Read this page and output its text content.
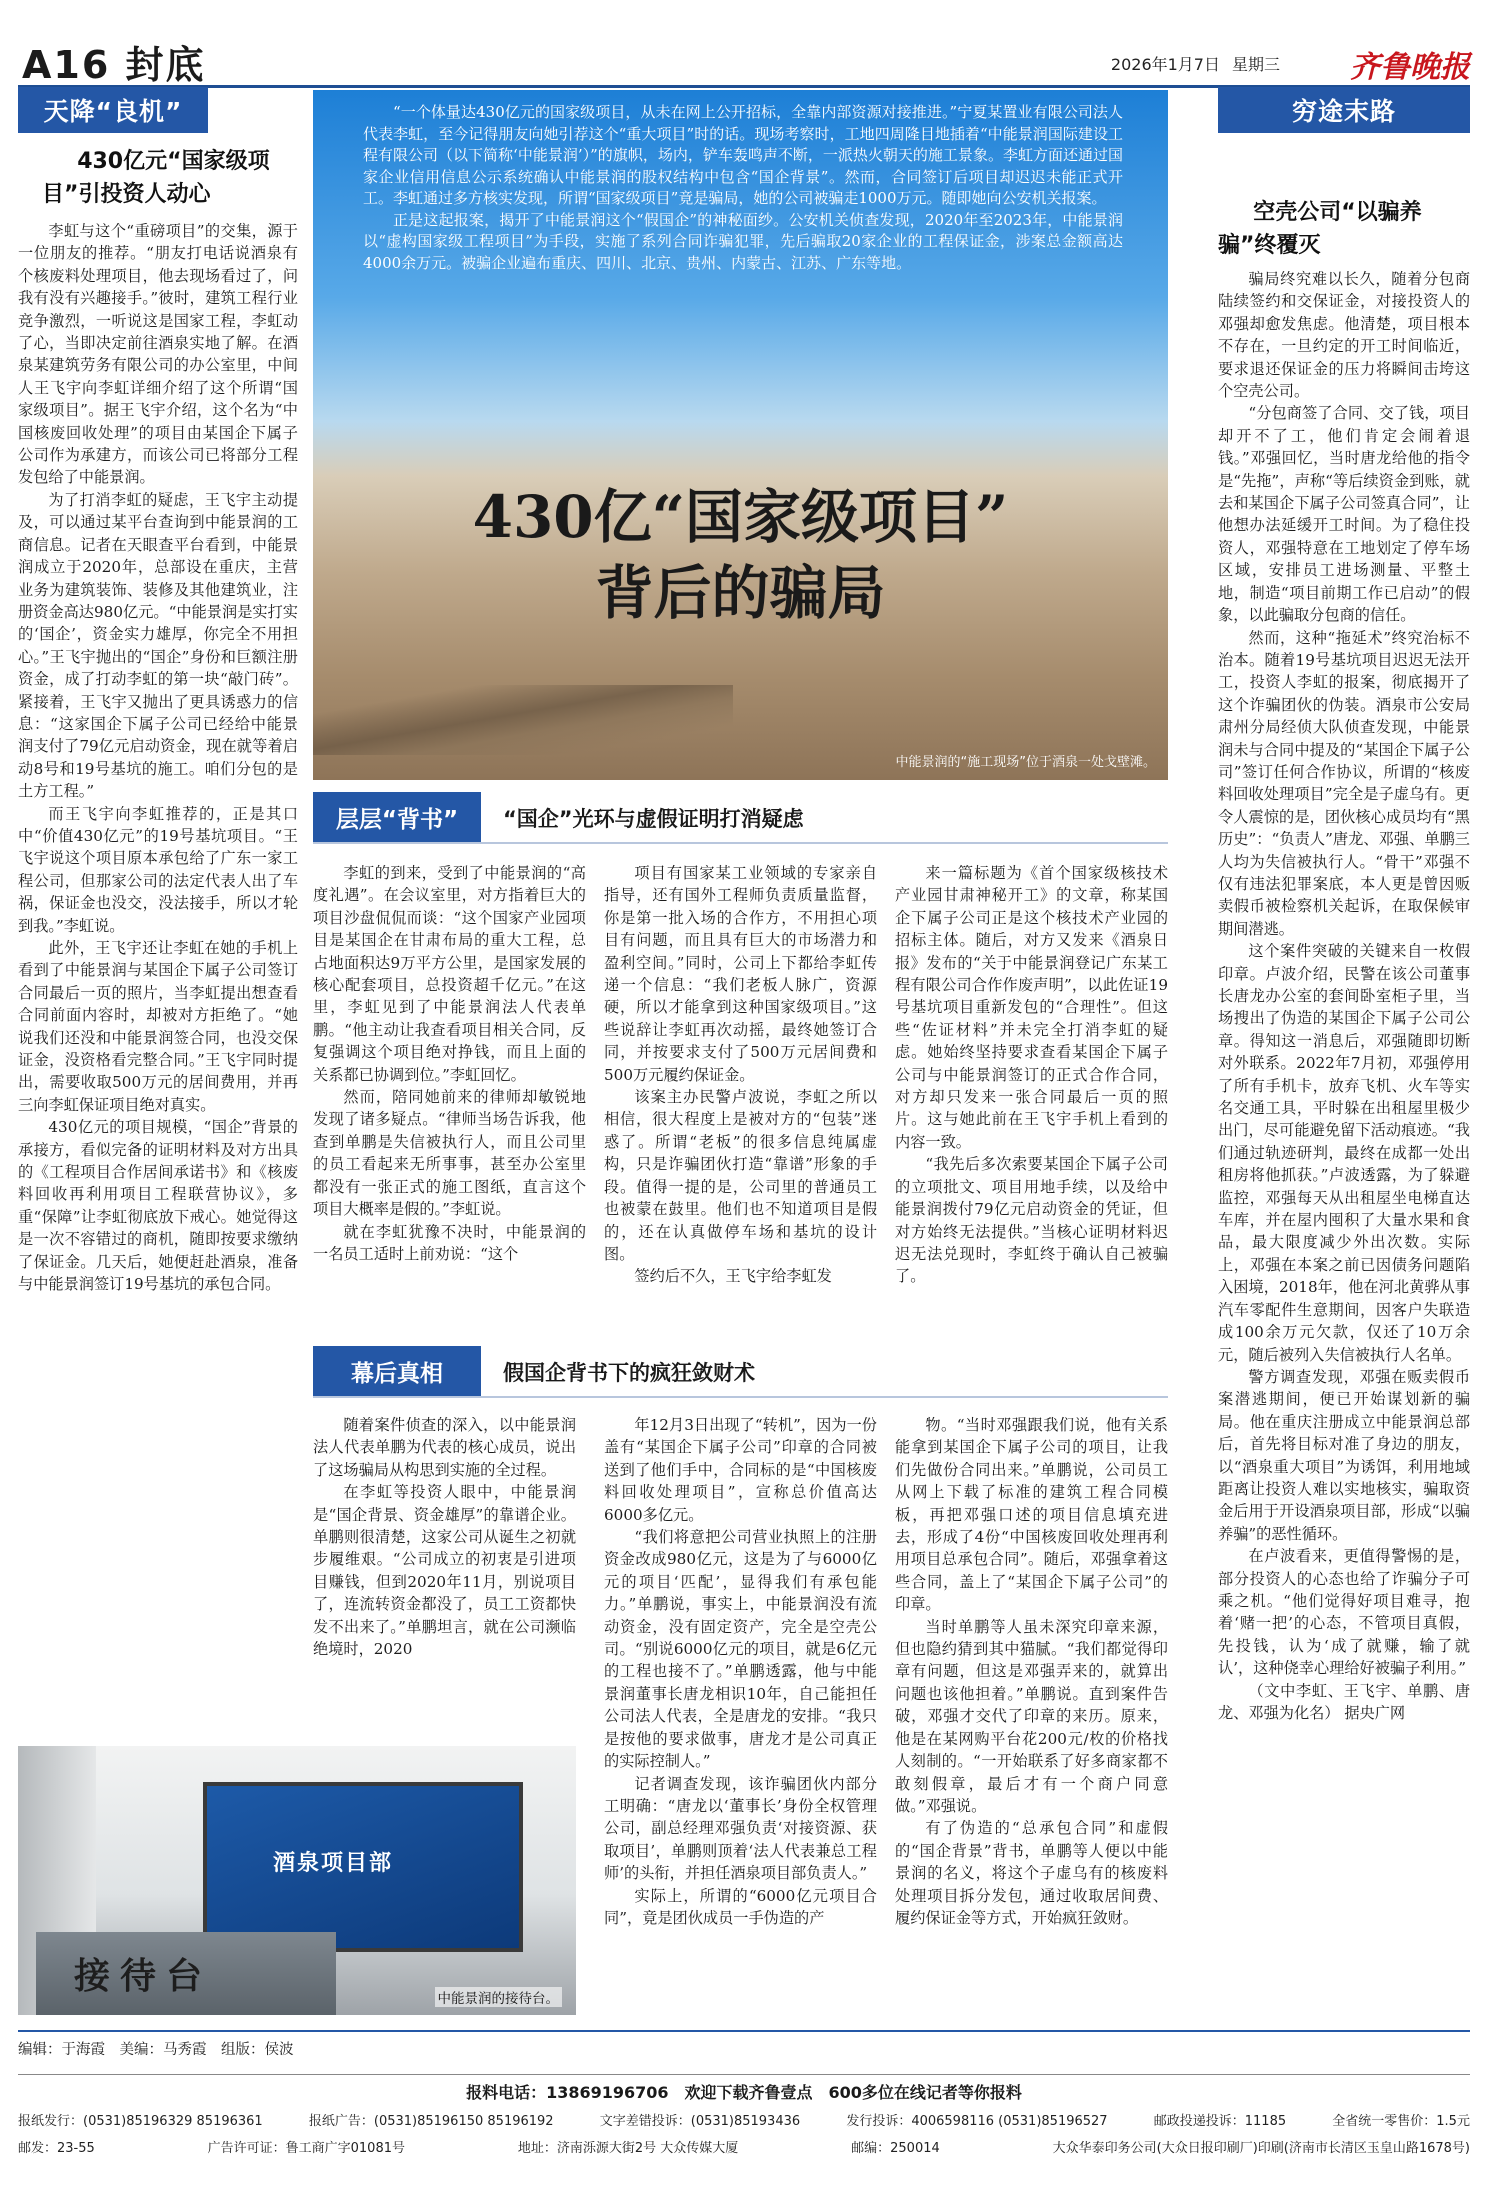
A16 封底	2026年1月7日 星期三 齐鲁晚报
天降“良机”
430亿元“国家级项目”引投资人动心

李虹与这个“重磅项目”的交集，源于一位朋友的推荐。“朋友打电话说酒泉有个核废料处理项目，他去现场看过了，问我有没有兴趣接手。”彼时，建筑工程行业竞争激烈，一听说这是国家工程，李虹动了心，当即决定前往酒泉实地了解。在酒泉某建筑劳务有限公司的办公室里，中间人王飞宇向李虹详细介绍了这个所谓“国家级项目”。据王飞宇介绍，这个名为“中国核废回收处理”的项目由某国企下属子公司作为承建方，而该公司已将部分工程发包给了中能景润。

为了打消李虹的疑虑，王飞宇主动提及，可以通过某平台查询到中能景润的工商信息。记者在天眼查平台看到，中能景润成立于2020年，总部设在重庆，主营业务为建筑装饰、装修及其他建筑业，注册资金高达980亿元。“中能景润是实打实的‘国企’，资金实力雄厚，你完全不用担心。”王飞宇抛出的“国企”身份和巨额注册资金，成了打动李虹的第一块“敲门砖”。紧接着，王飞宇又抛出了更具诱惑力的信息：“这家国企下属子公司已经给中能景润支付了79亿元启动资金，现在就等着启动8号和19号基坑的施工。咱们分包的是土方工程。”

而王飞宇向李虹推荐的，正是其口中“价值430亿元”的19号基坑项目。“王飞宇说这个项目原本承包给了广东一家工程公司，但那家公司的法定代表人出了车祸，保证金也没交，没法接手，所以才轮到我。”李虹说。

此外，王飞宇还让李虹在她的手机上看到了中能景润与某国企下属子公司签订合同最后一页的照片，当李虹提出想查看合同前面内容时，却被对方拒绝了。“她说我们还没和中能景润签合同，也没交保证金，没资格看完整合同。”王飞宇同时提出，需要收取500万元的居间费用，并再三向李虹保证项目绝对真实。

430亿元的项目规模，“国企”背景的承接方，看似完备的证明材料及对方出具的《工程项目合作居间承诺书》和《核废料回收再利用项目工程联营协议》，多重“保障”让李虹彻底放下戒心。她觉得这是一次不容错过的商机，随即按要求缴纳了保证金。几天后，她便赶赴酒泉，准备与中能景润签订19号基坑的承包合同。

“一个体量达430亿元的国家级项目，从未在网上公开招标，全靠内部资源对接推进。”宁夏某置业有限公司法人代表李虹，至今记得朋友向她引荐这个“重大项目”时的话。现场考察时，工地四周隆目地插着“中能景润国际建设工程有限公司（以下简称‘中能景润’）”的旗帜，场内，铲车轰鸣声不断，一派热火朝天的施工景象。李虹方面还通过国家企业信用信息公示系统确认中能景润的股权结构中包含“国企背景”。然而，合同签订后项目却迟迟未能正式开工。李虹通过多方核实发现，所谓“国家级项目”竟是骗局，她的公司被骗走1000万元。随即她向公安机关报案。

正是这起报案，揭开了中能景润这个“假国企”的神秘面纱。公安机关侦查发现，2020年至2023年，中能景润以“虚构国家级工程项目”为手段，实施了系列合同诈骗犯罪，先后骗取20家企业的工程保证金，涉案总金额高达4000余万元。被骗企业遍布重庆、四川、北京、贵州、内蒙古、江苏、广东等地。

430亿“国家级项目”
背后的骗局
中能景润的“施工现场”位于酒泉一处戈壁滩。
层层“背书”	“国企”光环与虚假证明打消疑虑

李虹的到来，受到了中能景润的“高度礼遇”。在会议室里，对方指着巨大的项目沙盘侃侃而谈：“这个国家产业园项目是某国企在甘肃布局的重大工程，总占地面积达9万平方公里，是国家发展的核心配套项目，总投资超千亿元。”在这里，李虹见到了中能景润法人代表单鹏。“他主动让我查看项目相关合同，反复强调这个项目绝对挣钱，而且上面的关系都已协调到位。”李虹回忆。

然而，陪同她前来的律师却敏锐地发现了诸多疑点。“律师当场告诉我，他查到单鹏是失信被执行人，而且公司里的员工看起来无所事事，甚至办公室里都没有一张正式的施工图纸，直言这个项目大概率是假的。”李虹说。

就在李虹犹豫不决时，中能景润的一名员工适时上前劝说：“这个

项目有国家某工业领域的专家亲自指导，还有国外工程师负责质量监督，你是第一批入场的合作方，不用担心项目有问题，而且具有巨大的市场潜力和盈利空间。”同时，公司上下都给李虹传递一个信息：“我们老板人脉广，资源硬，所以才能拿到这种国家级项目。”这些说辞让李虹再次动摇，最终她签订合同，并按要求支付了500万元居间费和500万元履约保证金。

该案主办民警卢波说，李虹之所以相信，很大程度上是被对方的“包装”迷惑了。所谓“老板”的很多信息纯属虚构，只是诈骗团伙打造“靠谱”形象的手段。值得一提的是，公司里的普通员工也被蒙在鼓里。他们也不知道项目是假的，还在认真做停车场和基坑的设计图。

签约后不久，王飞宇给李虹发

来一篇标题为《首个国家级核技术产业园甘肃神秘开工》的文章，称某国企下属子公司正是这个核技术产业园的招标主体。随后，对方又发来《酒泉日报》发布的“关于中能景润登记广东某工程有限公司合作作废声明”，以此佐证19号基坑项目重新发包的“合理性”。但这些“佐证材料”并未完全打消李虹的疑虑。她始终坚持要求查看某国企下属子公司与中能景润签订的正式合作合同，对方却只发来一张合同最后一页的照片。这与她此前在王飞宇手机上看到的内容一致。

“我先后多次索要某国企下属子公司的立项批文、项目用地手续，以及给中能景润拨付79亿元启动资金的凭证，但对方始终无法提供。”当核心证明材料迟迟无法兑现时，李虹终于确认自己被骗了。

幕后真相	假国企背书下的疯狂敛财术

随着案件侦查的深入，以中能景润法人代表单鹏为代表的核心成员，说出了这场骗局从构思到实施的全过程。

在李虹等投资人眼中，中能景润是“国企背景、资金雄厚”的靠谱企业。单鹏则很清楚，这家公司从诞生之初就步履维艰。“公司成立的初衷是引进项目赚钱，但到2020年11月，别说项目了，连流转资金都没了，员工工资都快发不出来了。”单鹏坦言，就在公司濒临绝境时，2020

年12月3日出现了“转机”，因为一份盖有“某国企下属子公司”印章的合同被送到了他们手中，合同标的是“中国核废料回收处理项目”，宣称总价值高达6000多亿元。

“我们将意把公司营业执照上的注册资金改成980亿元，这是为了与6000亿元的项目‘匹配’，显得我们有承包能力。”单鹏说，事实上，中能景润没有流动资金，没有固定资产，完全是空壳公司。“别说6000亿元的项目，就是6亿元的工程也接不了。”单鹏透露，他与中能景润董事长唐龙相识10年，自己能担任公司法人代表，全是唐龙的安排。“我只是按他的要求做事，唐龙才是公司真正的实际控制人。”

记者调查发现，该诈骗团伙内部分工明确：“唐龙以‘董事长’身份全权管理公司，副总经理邓强负责‘对接资源、获取项目’，单鹏则顶着‘法人代表兼总工程师’的头衔，并担任酒泉项目部负责人。”

实际上，所谓的“6000亿元项目合同”，竟是团伙成员一手伪造的产

物。“当时邓强跟我们说，他有关系能拿到某国企下属子公司的项目，让我们先做份合同出来。”单鹏说，公司员工从网上下载了标准的建筑工程合同模板，再把邓强口述的项目信息填充进去，形成了4份“中国核废回收处理再利用项目总承包合同”。随后，邓强拿着这些合同，盖上了“某国企下属子公司”的印章。

当时单鹏等人虽未深究印章来源，但也隐约猜到其中猫腻。“我们都觉得印章有问题，但这是邓强弄来的，就算出问题也该他担着。”单鹏说。直到案件告破，邓强才交代了印章的来历。原来，他是在某网购平台花200元/枚的价格找人刻制的。“一开始联系了好多商家都不敢刻假章，最后才有一个商户同意做。”邓强说。

有了伪造的“总承包合同”和虚假的“国企背景”背书，单鹏等人便以中能景润的名义，将这个子虚乌有的核废料处理项目拆分发包，通过收取居间费、履约保证金等方式，开始疯狂敛财。

酒泉项目部
接待台
中能景润的接待台。
穷途末路
空壳公司“以骗养骗”终覆灭

骗局终究难以长久，随着分包商陆续签约和交保证金，对接投资人的邓强却愈发焦虑。他清楚，项目根本不存在，一旦约定的开工时间临近，要求退还保证金的压力将瞬间击垮这个空壳公司。

“分包商签了合同、交了钱，项目却开不了工，他们肯定会闹着退钱。”邓强回忆，当时唐龙给他的指令是“先拖”，声称“等后续资金到账，就去和某国企下属子公司签真合同”，让他想办法延缓开工时间。为了稳住投资人，邓强特意在工地划定了停车场区域，安排员工进场测量、平整土地，制造“项目前期工作已启动”的假象，以此骗取分包商的信任。

然而，这种“拖延术”终究治标不治本。随着19号基坑项目迟迟无法开工，投资人李虹的报案，彻底揭开了这个诈骗团伙的伪装。酒泉市公安局肃州分局经侦大队侦查发现，中能景润未与合同中提及的“某国企下属子公司”签订任何合作协议，所谓的“核废料回收处理项目”完全是子虚乌有。更令人震惊的是，团伙核心成员均有“黑历史”：“负责人”唐龙、邓强、单鹏三人均为失信被执行人。“骨干”邓强不仅有违法犯罪案底，本人更是曾因贩卖假币被检察机关起诉，在取保候审期间潜逃。

这个案件突破的关键来自一枚假印章。卢波介绍，民警在该公司董事长唐龙办公室的套间卧室柜子里，当场搜出了伪造的某国企下属子公司公章。得知这一消息后，邓强随即切断对外联系。2022年7月初，邓强停用了所有手机卡，放弃飞机、火车等实名交通工具，平时躲在出租屋里极少出门，尽可能避免留下活动痕迹。“我们通过轨迹研判，最终在成都一处出租房将他抓获。”卢波透露，为了躲避监控，邓强每天从出租屋坐电梯直达车库，并在屋内囤积了大量水果和食品，最大限度减少外出次数。实际上，邓强在本案之前已因债务问题陷入困境，2018年，他在河北黄骅从事汽车零配件生意期间，因客户失联造成100余万元欠款，仅还了10万余元，随后被列入失信被执行人名单。

警方调查发现，邓强在贩卖假币案潜逃期间，便已开始谋划新的骗局。他在重庆注册成立中能景润总部后，首先将目标对准了身边的朋友，以“酒泉重大项目”为诱饵，利用地域距离让投资人难以实地核实，骗取资金后用于开设酒泉项目部，形成“以骗养骗”的恶性循环。

在卢波看来，更值得警惕的是，部分投资人的心态也给了诈骗分子可乘之机。“他们觉得好项目难寻，抱着‘赌一把’的心态，不管项目真假，先投钱，认为‘成了就赚，输了就认’，这种侥幸心理给好被骗子利用。”

（文中李虹、王飞宇、单鹏、唐龙、邓强为化名） 据央广网

编辑：于海霞　美编：马秀霞　组版：侯波
报料电话：13869196706　欢迎下载齐鲁壹点　600多位在线记者等你报料
报纸发行：(0531)85196329 85196361	报纸广告：(0531)85196150 85196192	文字差错投诉：(0531)85193436	发行投诉：4006598116 (0531)85196527	邮政投递投诉：11185	全省统一零售价：1.5元
邮发：23-55	广告许可证：鲁工商广字01081号	地址：济南泺源大街2号 大众传媒大厦	邮编：250014	大众华泰印务公司(大众日报印刷厂)印刷(济南市长清区玉皇山路1678号)
